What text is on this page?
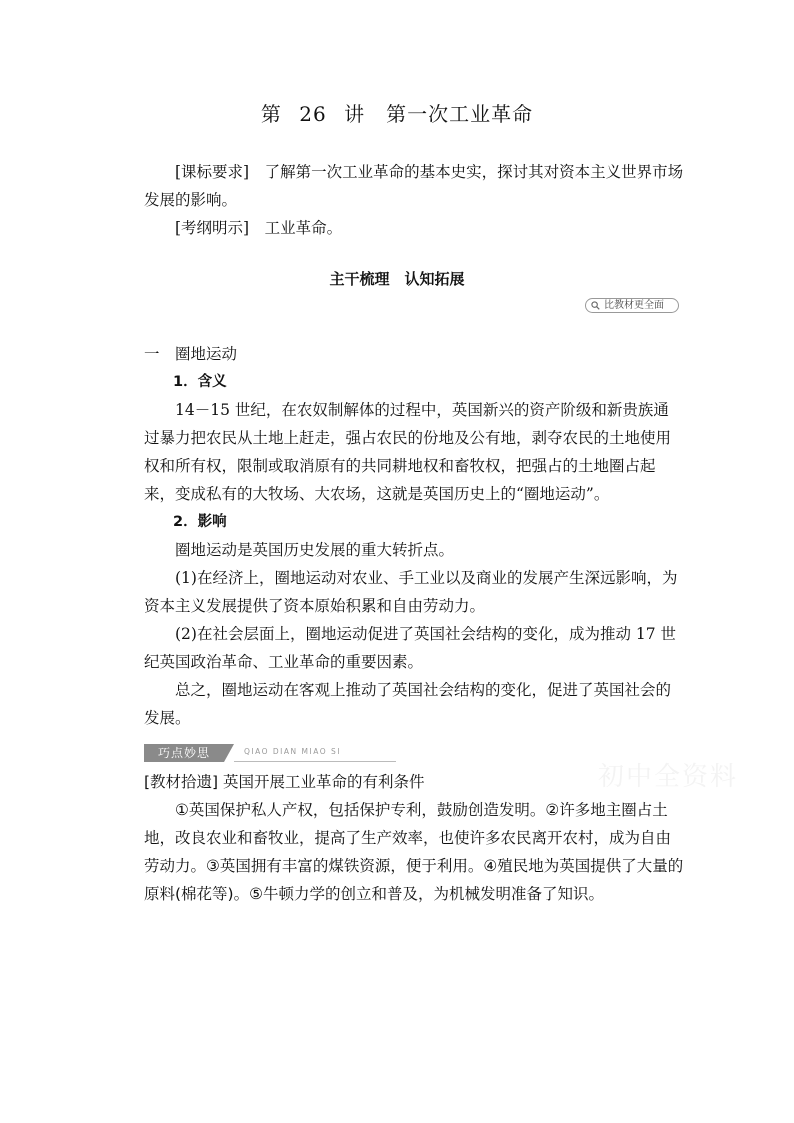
第 26 讲　第一次工业革命

[课标要求]　 了解第一次工业革命的基本史实，探讨其对资本主义世界市场发展的影响。

[考纲明示]　 工业革命。

主干梳理　认知拓展
比教材更全面

一　圈地运动

1．含义

14－15 世纪，在农奴制解体的过程中，英国新兴的资产阶级和新贵族通过暴力把农民从土地上赶走，强占农民的份地及公有地，剥夺农民的土地使用权和所有权，限制或取消原有的共同耕地权和畜牧权，把强占的土地圈占起来，变成私有的大牧场、大农场，这就是英国历史上的“圈地运动”。

2．影响

圈地运动是英国历史发展的重大转折点。

(1)在经济上，圈地运动对农业、手工业以及商业的发展产生深远影响，为资本主义发展提供了资本原始积累和自由劳动力。

(2)在社会层面上，圈地运动促进了英国社会结构的变化，成为推动 17 世纪英国政治革命、工业革命的重要因素。

总之，圈地运动在客观上推动了英国社会结构的变化，促进了英国社会的发展。

巧点妙思	QIAO DIAN MIAO SI
初中全资料

[教材拾遗] 英国开展工业革命的有利条件

①英国保护私人产权，包括保护专利，鼓励创造发明。②许多地主圈占土地，改良农业和畜牧业，提高了生产效率，也使许多农民离开农村，成为自由劳动力。③英国拥有丰富的煤铁资源，便于利用。④殖民地为英国提供了大量的原料(棉花等)。⑤牛顿力学的创立和普及，为机械发明准备了知识。
